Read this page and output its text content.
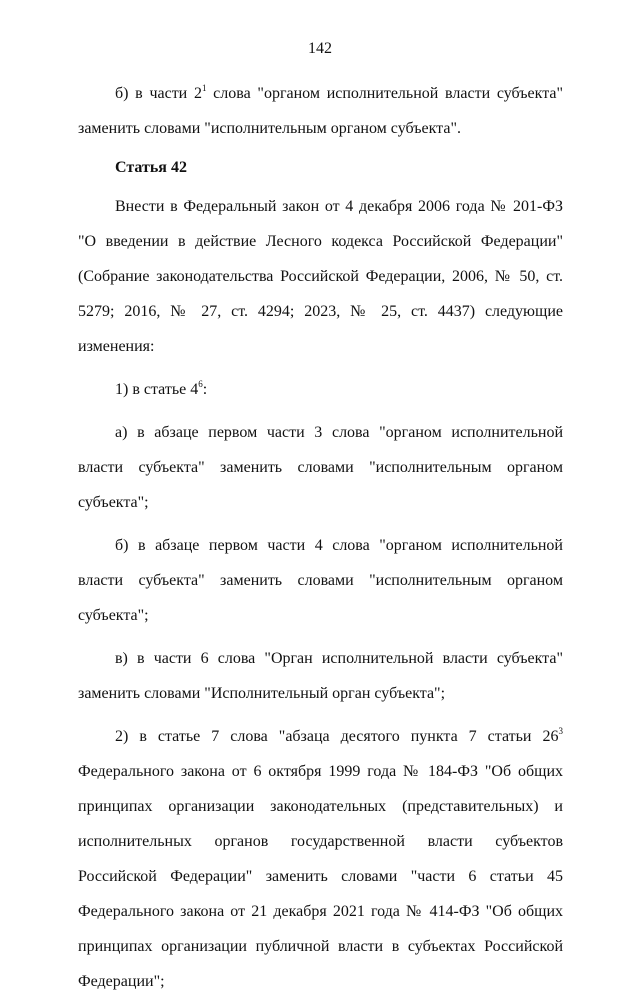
142

б) в части $2^1$ слова "органом исполнительной власти субъекта" заменить словами "исполнительным органом субъекта".

Статья 42

Внести в Федеральный закон от 4 декабря 2006 года № 201-ФЗ "О введении в действие Лесного кодекса Российской Федерации" (Собрание законодательства Российской Федерации, 2006, № 50, ст. 5279; 2016, № 27, ст. 4294; 2023, № 25, ст. 4437) следующие изменения:

1) в статье $4^6$:

а) в абзаце первом части 3 слова "органом исполнительной власти субъекта" заменить словами "исполнительным органом субъекта";

б) в абзаце первом части 4 слова "органом исполнительной власти субъекта" заменить словами "исполнительным органом субъекта";

в) в части 6 слова "Орган исполнительной власти субъекта" заменить словами "Исполнительный орган субъекта";

2) в статье 7 слова "абзаца десятого пункта 7 статьи $26^3$ Федерального закона от 6 октября 1999 года № 184-ФЗ "Об общих принципах организации законодательных (представительных) и исполнительных органов государственной власти субъектов Российской Федерации" заменить словами "части 6 статьи 45 Федерального закона от 21 декабря 2021 года № 414-ФЗ "Об общих принципах организации публичной власти в субъектах Российской Федерации";
